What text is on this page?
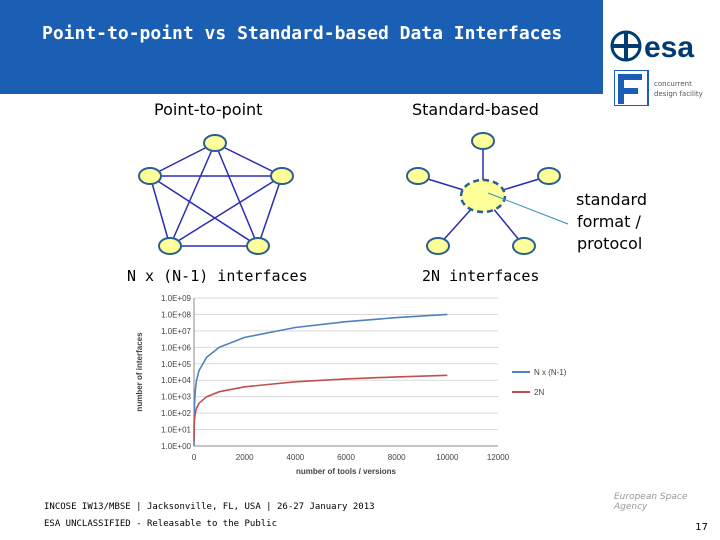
Point-to-point vs Standard-based Data Interfaces	esa
concurrent
design facility
Point-to-point	Standard-based
standard
format /
protocol
N x (N-1) interfaces	2N interfaces
1.0E+00
1.0E+01
1.0E+02
1.0E+03
1.0E+04
1.0E+05
1.0E+06
1.0E+07
1.0E+08
1.0E+09
0	2000	4000	6000	8000	10000	12000
number of tools / versions
number of interfaces	N x (N-1)
2N
INCOSE IW13/MBSE | Jacksonville, FL, USA | 26-27 January 2013
ESA UNCLASSIFIED - Releasable to the Public
European Space Agency
17
